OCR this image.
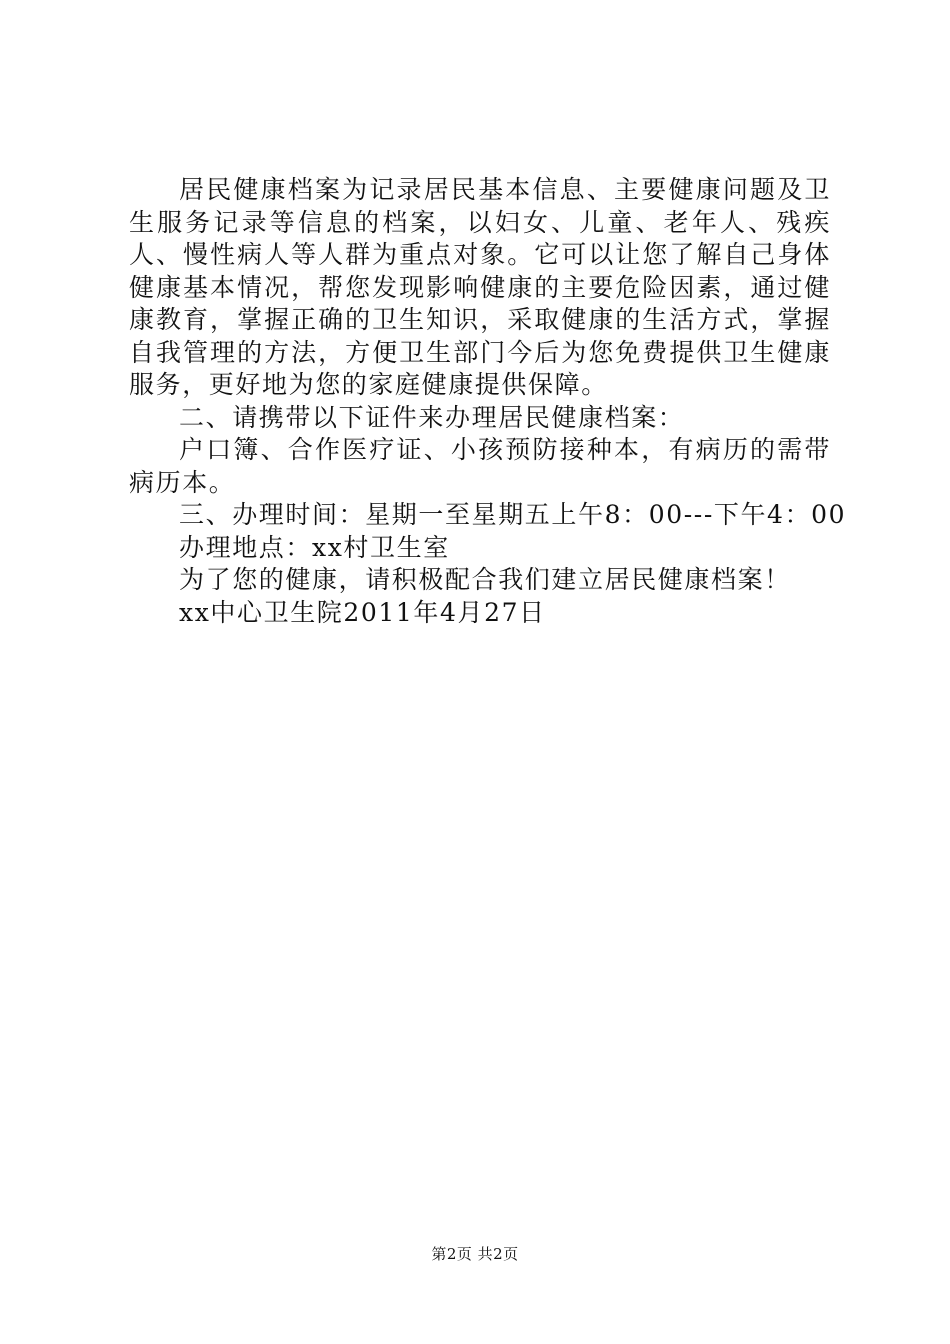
居民健康档案为记录居民基本信息、主要健康问题及卫生服务记录等信息的档案，以妇女、儿童、老年人、残疾人、慢性病人等人群为重点对象。它可以让您了解自己身体健康基本情况，帮您发现影响健康的主要危险因素，通过健康教育，掌握正确的卫生知识，采取健康的生活方式，掌握自我管理的方法，方便卫生部门今后为您免费提供卫生健康服务，更好地为您的家庭健康提供保障。

二、请携带以下证件来办理居民健康档案：

户口簿、合作医疗证、小孩预防接种本，有病历的需带病历本。

三、办理时间：星期一至星期五上午8：00---下午4：00

办理地点：xx村卫生室

为了您的健康，请积极配合我们建立居民健康档案！

xx中心卫生院2011年4月27日

第2页 共2页
